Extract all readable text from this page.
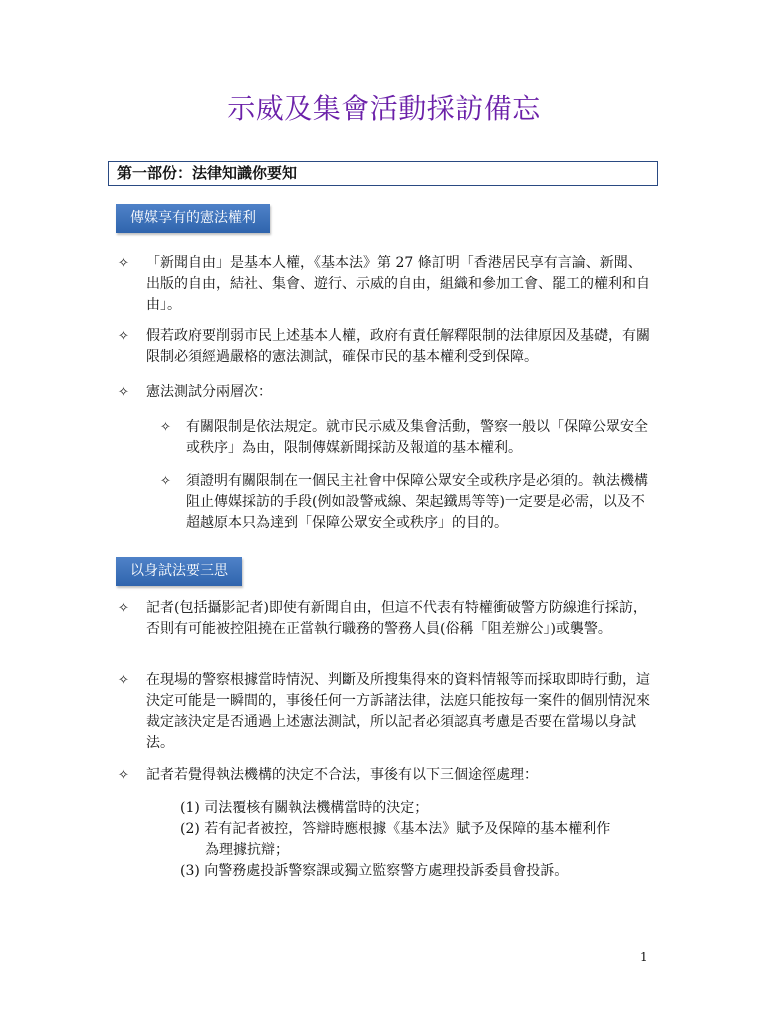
示威及集會活動採訪備忘
第一部份：法律知識你要知
傳媒享有的憲法權利
✧	「新聞自由」是基本人權，《基本法》第 27 條訂明「香港居民享有言論、新聞、出版的自由，結社、集會、遊行、示威的自由，組織和參加工會、罷工的權利和自由」。
✧	假若政府要削弱市民上述基本人權，政府有責任解釋限制的法律原因及基礎，有關限制必須經過嚴格的憲法測試，確保市民的基本權利受到保障。
✧	憲法測試分兩層次：
✧	有關限制是依法規定。就市民示威及集會活動，警察一般以「保障公眾安全或秩序」為由，限制傳媒新聞採訪及報道的基本權利。
✧	須證明有關限制在一個民主社會中保障公眾安全或秩序是必須的。執法機構阻止傳媒採訪的手段(例如設警戒線、架起鐵馬等等)一定要是必需，以及不超越原本只為達到「保障公眾安全或秩序」的目的。
以身試法要三思
✧	記者(包括攝影記者)即使有新聞自由，但這不代表有特權衝破警方防線進行採訪，否則有可能被控阻撓在正當執行職務的警務人員(俗稱「阻差辦公」)或襲警。
✧	在現場的警察根據當時情況、判斷及所搜集得來的資料情報等而採取即時行動，這決定可能是一瞬間的，事後任何一方訴諸法律，法庭只能按每一案件的個別情況來裁定該決定是否通過上述憲法測試，所以記者必須認真考慮是否要在當場以身試法。
✧	記者若覺得執法機構的決定不合法，事後有以下三個途徑處理：
(1) 司法覆核有關執法機構當時的決定；
(2) 若有記者被控，答辯時應根據《基本法》賦予及保障的基本權利作
為理據抗辯；
(3) 向警務處投訴警察課或獨立監察警方處理投訴委員會投訴。
1
